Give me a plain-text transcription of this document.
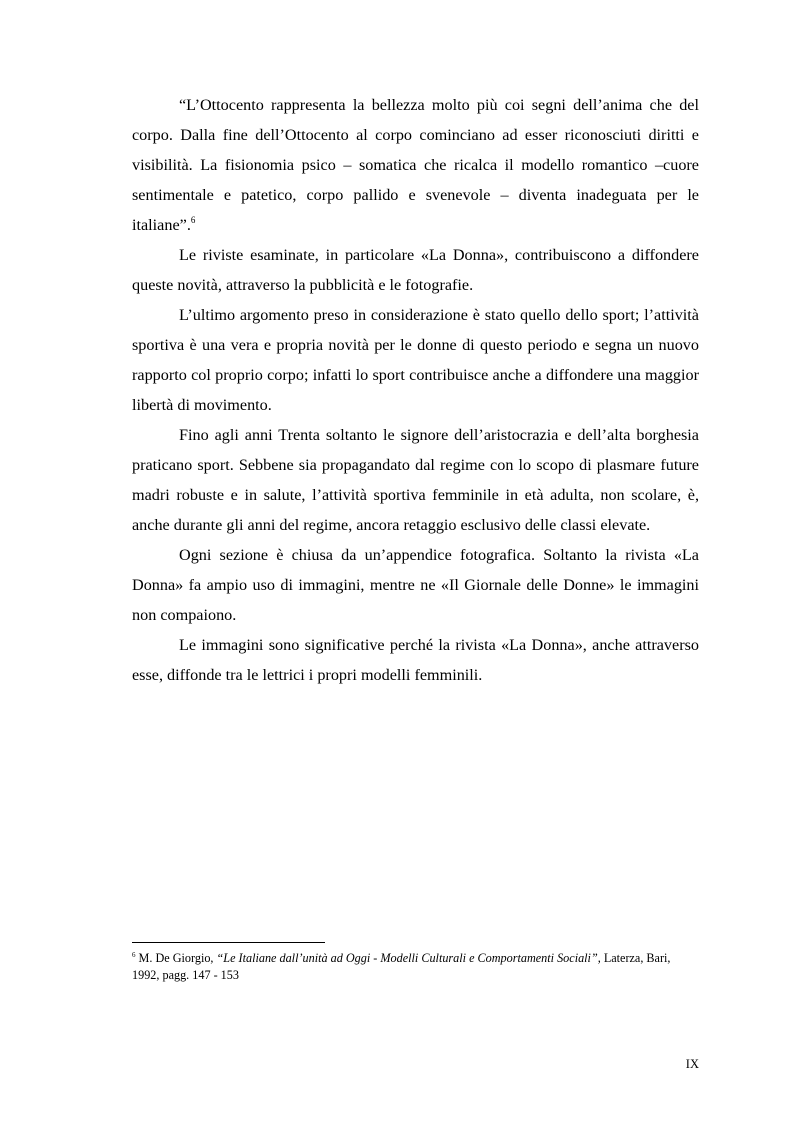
“L’Ottocento rappresenta la bellezza molto più coi segni dell’anima che del corpo. Dalla fine dell’Ottocento al corpo cominciano ad esser riconosciuti diritti e visibilità. La fisionomia psico – somatica che ricalca il modello romantico –cuore sentimentale e patetico, corpo pallido e svenevole – diventa inadeguata per le italiane”.$^6$

Le riviste esaminate, in particolare «La Donna», contribuiscono a diffondere queste novità, attraverso la pubblicità e le fotografie.

L’ultimo argomento preso in considerazione è stato quello dello sport; l’attività sportiva è una vera e propria novità per le donne di questo periodo e segna un nuovo rapporto col proprio corpo; infatti lo sport contribuisce anche a diffondere una maggior libertà di movimento.

Fino agli anni Trenta soltanto le signore dell’aristocrazia e dell’alta borghesia praticano sport. Sebbene sia propagandato dal regime con lo scopo di plasmare future madri robuste e in salute, l’attività sportiva femminile in età adulta, non scolare, è, anche durante gli anni del regime, ancora retaggio esclusivo delle classi elevate.

Ogni sezione è chiusa da un’appendice fotografica. Soltanto la rivista «La Donna» fa ampio uso di immagini, mentre ne «Il Giornale delle Donne» le immagini non compaiono.

Le immagini sono significative perché la rivista «La Donna», anche attraverso esse, diffonde tra le lettrici i propri modelli femminili.

$^6$ M. De Giorgio, “Le Italiane dall’unità ad Oggi - Modelli Culturali e Comportamenti Sociali”, Laterza, Bari, 1992, pagg. 147 - 153
IX
